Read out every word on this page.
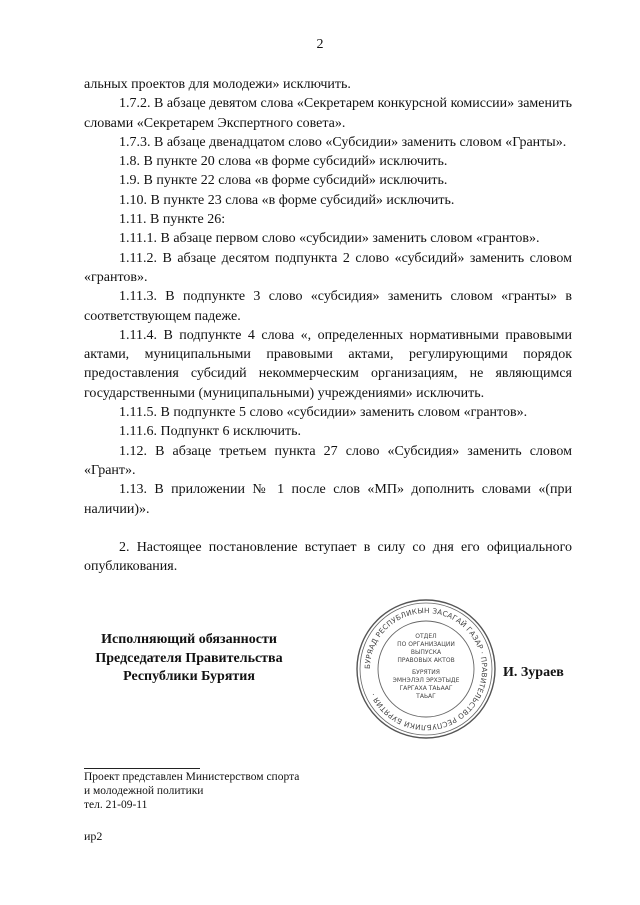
2

альных проектов для молодежи» исключить.

1.7.2. В абзаце девятом слова «Секретарем конкурсной комиссии» заменить словами «Секретарем Экспертного совета».

1.7.3. В абзаце двенадцатом слово «Субсидии» заменить словом «Гранты».

1.8. В пункте 20 слова «в форме субсидий» исключить.

1.9. В пункте 22 слова «в форме субсидий» исключить.

1.10. В пункте 23 слова «в форме субсидий» исключить.

1.11. В пункте 26:

1.11.1. В абзаце первом слово «субсидии» заменить словом «грантов».

1.11.2. В абзаце десятом подпункта 2 слово «субсидий» заменить словом «грантов».

1.11.3. В подпункте 3 слово «субсидия» заменить словом «гранты» в соответствующем падеже.

1.11.4. В подпункте 4 слова «, определенных нормативными правовыми актами, муниципальными правовыми актами, регулирующими порядок предоставления субсидий некоммерческим организациям, не являющимся государственными (муниципальными) учреждениями» исключить.

1.11.5. В подпункте 5 слово «субсидии» заменить словом «грантов».

1.11.6. Подпункт 6 исключить.

1.12. В абзаце третьем пункта 27 слово «Субсидия» заменить словом «Грант».

1.13. В приложении № 1 после слов «МП» дополнить словами «(при наличии)».

2. Настоящее постановление вступает в силу со дня его официального опубликования.

Исполняющий обязанности
Председателя Правительства
Республики Бурятия
БУРЯАД РЕСПУБЛИКЫН ЗАСАГАЙ ГАЗАР · ПРАВИТЕЛЬСТВО РЕСПУБЛИКИ БУРЯТИЯ ·
ОТДЕЛ
ПО ОРГАНИЗАЦИИ
ВЫПУСКА
ПРАВОВЫХ АКТОВ
БУРЯТИЯ
ЭМНЭЛЭЛ ЭРХЭТЫДЕ
ГАРГАХА ТАЬААГ
ТАЬАГ
И. Зураев
Проект представлен Министерством спорта
и молодежной политики
тел. 21-09-11
ир2
